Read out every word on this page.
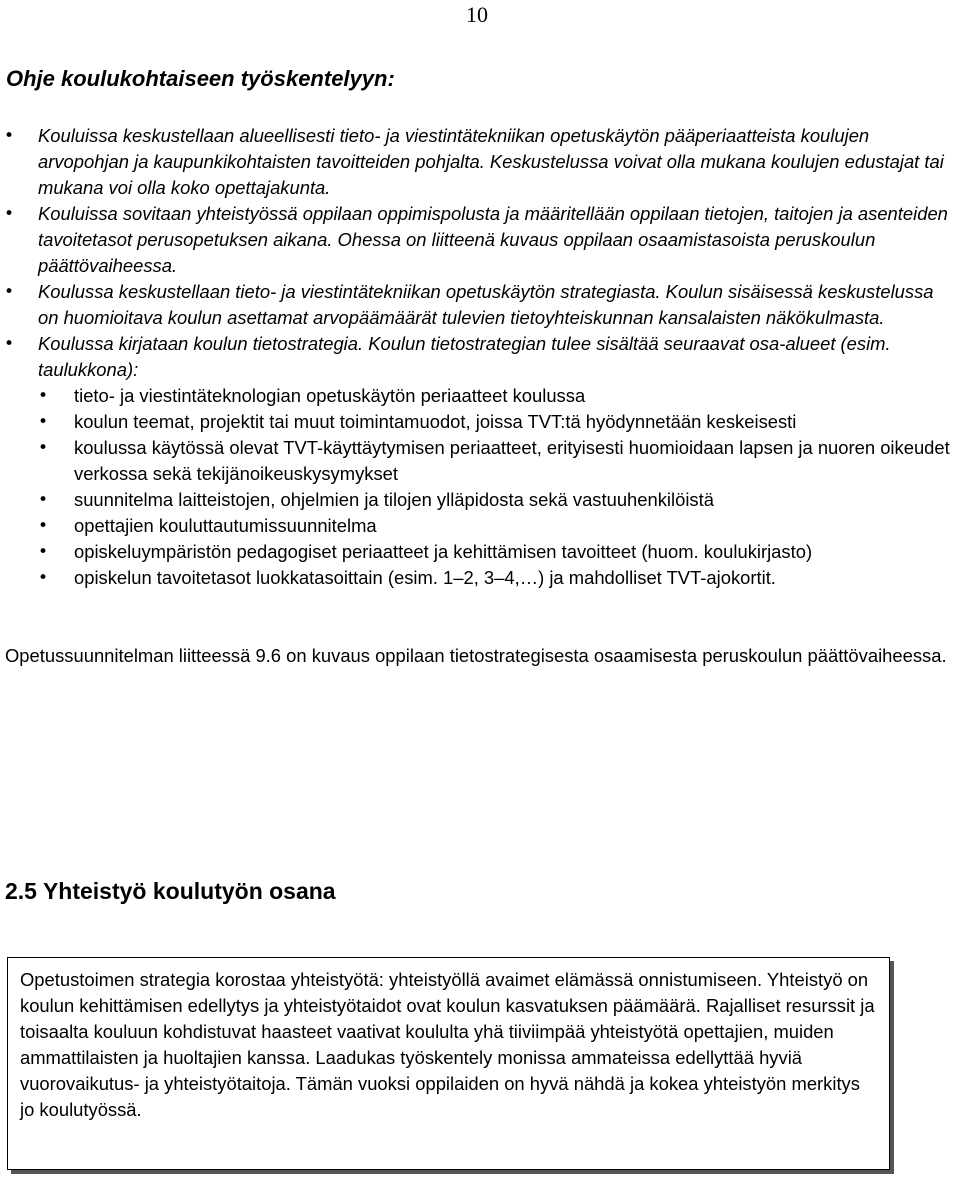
10
Ohje koulukohtaiseen työskentelyyn:
• Kouluissa keskustellaan alueellisesti tieto- ja viestintätekniikan opetuskäytön pääperiaatteista koulujen arvopohjan ja kaupunkikohtaisten tavoitteiden pohjalta. Keskustelussa voivat olla mukana koulujen edustajat tai mukana voi olla koko opettajakunta.
• Kouluissa sovitaan yhteistyössä oppilaan oppimispolusta ja määritellään oppilaan tietojen, taitojen ja asenteiden tavoitetasot perusopetuksen aikana. Ohessa on liitteenä kuvaus oppilaan osaamistasoista peruskoulun päättövaiheessa.
• Koulussa keskustellaan tieto- ja viestintätekniikan opetuskäytön strategiasta. Koulun sisäisessä keskustelussa on huomioitava koulun asettamat arvopäämäärät tulevien tietoyhteiskunnan kansalaisten näkökulmasta.
• Koulussa kirjataan koulun tietostrategia. Koulun tietostrategian tulee sisältää seuraavat osa-alueet (esim. taulukkona):
• tieto- ja viestintäteknologian opetuskäytön periaatteet koulussa
• koulun teemat, projektit tai muut toimintamuodot, joissa TVT:tä hyödynnetään keskeisesti
• koulussa käytössä olevat TVT-käyttäytymisen periaatteet, erityisesti huomioidaan lapsen ja nuoren oikeudet verkossa sekä tekijänoikeuskysymykset
• suunnitelma laitteistojen, ohjelmien ja tilojen ylläpidosta sekä vastuuhenkilöistä
• opettajien kouluttautumissuunnitelma
• opiskeluympäristön pedagogiset periaatteet ja kehittämisen tavoitteet (huom. koulukirjasto)
• opiskelun tavoitetasot luokkatasoittain (esim. 1–2, 3–4,…) ja mahdolliset TVT-ajokortit.
Opetussuunnitelman liitteessä 9.6 on kuvaus oppilaan tietostrategisesta osaamisesta peruskoulun päättövaiheessa.
2.5 Yhteistyö koulutyön osana
Opetustoimen strategia korostaa yhteistyötä: yhteistyöllä avaimet elämässä onnistumiseen. Yhteistyö on koulun kehittämisen edellytys ja yhteistyötaidot ovat koulun kasvatuksen päämäärä. Rajalliset resurssit ja toisaalta kouluun kohdistuvat haasteet vaativat koululta yhä tiiviimpää yhteistyötä opettajien, muiden ammattilaisten ja huoltajien kanssa. Laadukas työskentely monissa ammateissa edellyttää hyviä vuorovaikutus- ja yhteistyötaitoja. Tämän vuoksi oppilaiden on hyvä nähdä ja kokea yhteistyön merkitys jo koulutyössä.
